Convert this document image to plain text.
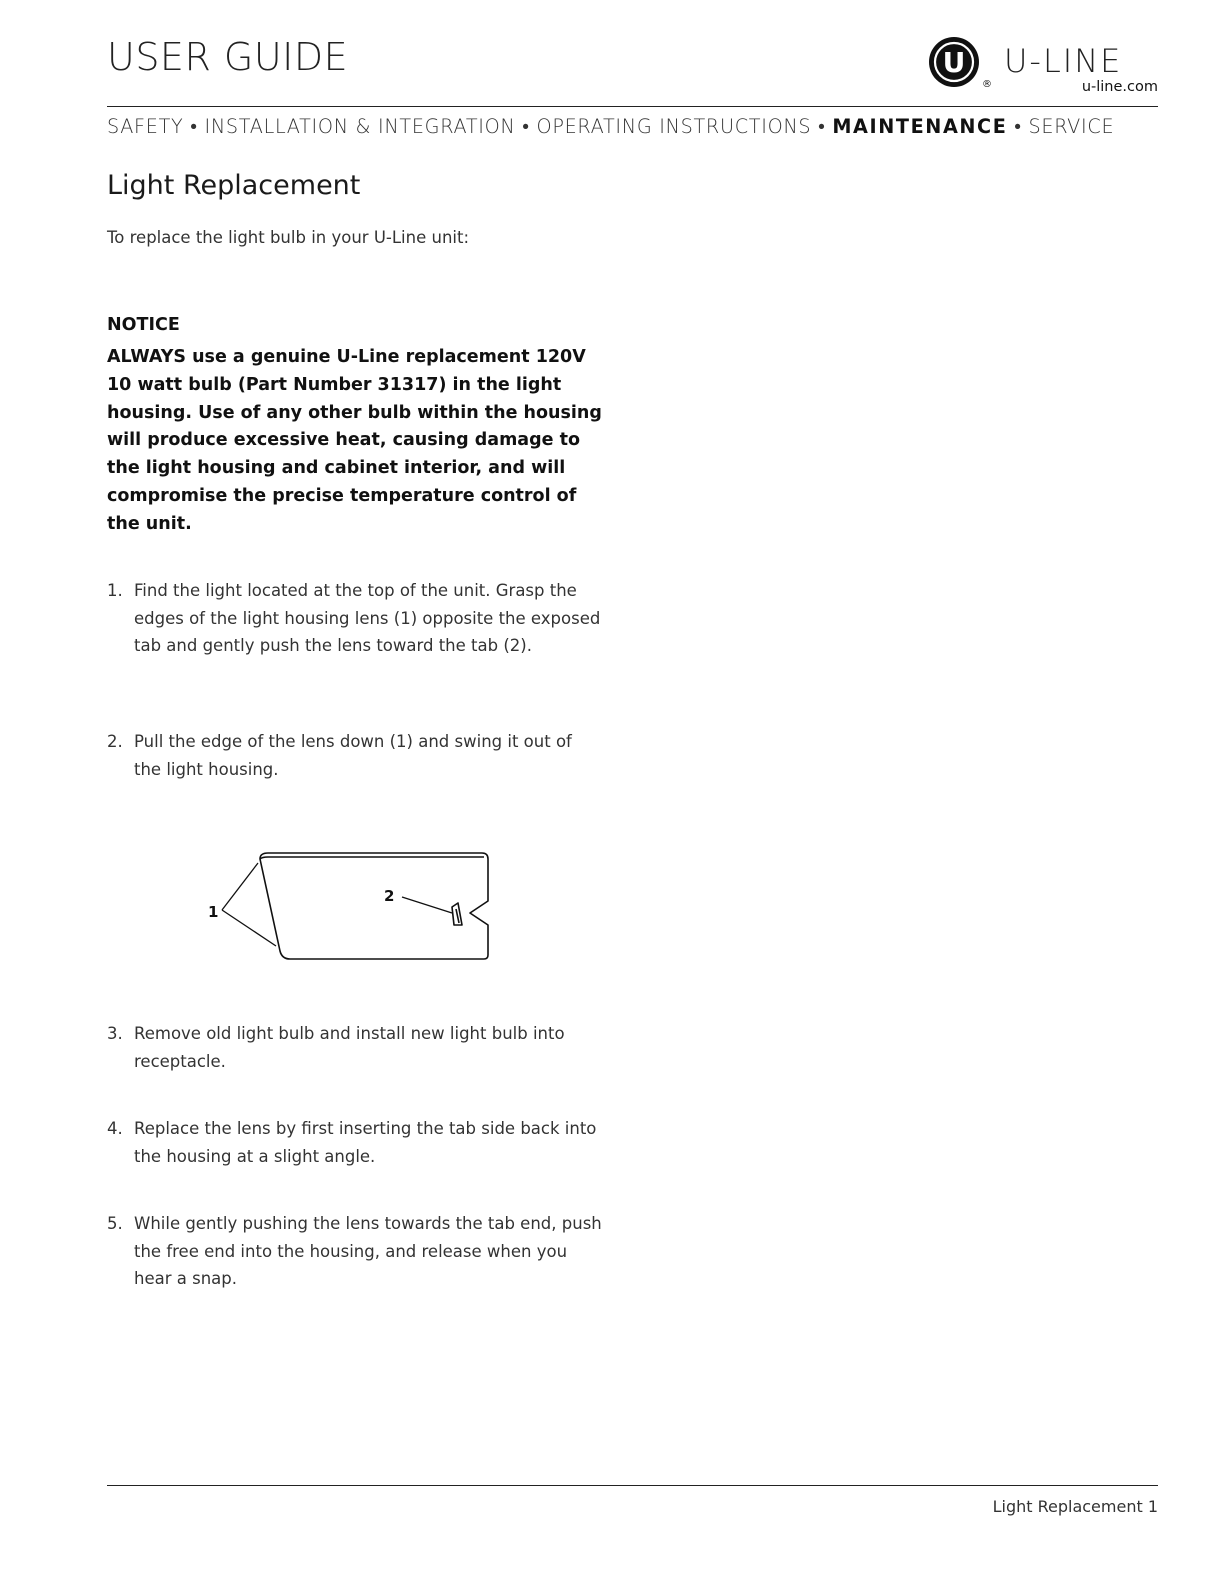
USER GUIDE	U
®
U-LINE
u-line.com
SAFETY • INSTALLATION & INTEGRATION • OPERATING INSTRUCTIONS • MAINTENANCE • SERVICE
Light Replacement

To replace the light bulb in your U-Line unit:

NOTICE

ALWAYS use a genuine U-Line replacement 120V 10 watt bulb (Part Number 31317) in the light housing. Use of any other bulb within the housing will produce excessive heat, causing damage to the light housing and cabinet interior, and will compromise the precise temperature control of the unit.

1. Find the light located at the top of the unit. Grasp the edges of the light housing lens (1) opposite the exposed tab and gently push the lens toward the tab (2).
2. Pull the edge of the lens down (1) and swing it out of the light housing.
1
2
3. Remove old light bulb and install new light bulb into receptacle.
4. Replace the lens by first inserting the tab side back into the housing at a slight angle.
5. While gently pushing the lens towards the tab end, push the free end into the housing, and release when you hear a snap.
Light Replacement 1
